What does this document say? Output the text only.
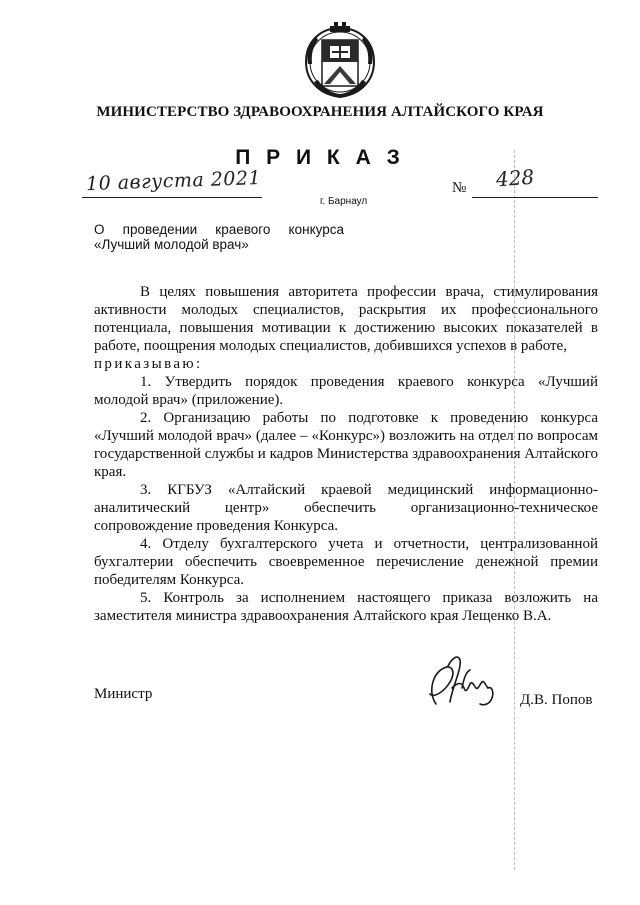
МИНИСТЕРСТВО ЗДРАВООХРАНЕНИЯ АЛТАЙСКОГО КРАЯ
П Р И К А З
10 августа 2021
г. Барнаул
№ 428
О проведении краевого конкурса
«Лучший молодой врач»

В целях повышения авторитета профессии врача, стимулирования активности молодых специалистов, раскрытия их профессионального потенциала, повышения мотивации к достижению высоких показателей в работе, поощрения молодых специалистов, добившихся успехов в работе,

приказываю:

1. Утвердить порядок проведения краевого конкурса «Лучший молодой врач» (приложение).

2. Организацию работы по подготовке к проведению конкурса «Лучший молодой врач» (далее – «Конкурс») возложить на отдел по вопросам государственной службы и кадров Министерства здравоохранения Алтайского края.

3. КГБУЗ «Алтайский краевой медицинский информационно-аналитический центр» обеспечить организационно-техническое сопровождение проведения Конкурса.

4. Отделу бухгалтерского учета и отчетности, централизованной бухгалтерии обеспечить своевременное перечисление денежной премии победителям Конкурса.

5. Контроль за исполнением настоящего приказа возложить на заместителя министра здравоохранения Алтайского края Лещенко В.А.

Министр	Д.В. Попов
